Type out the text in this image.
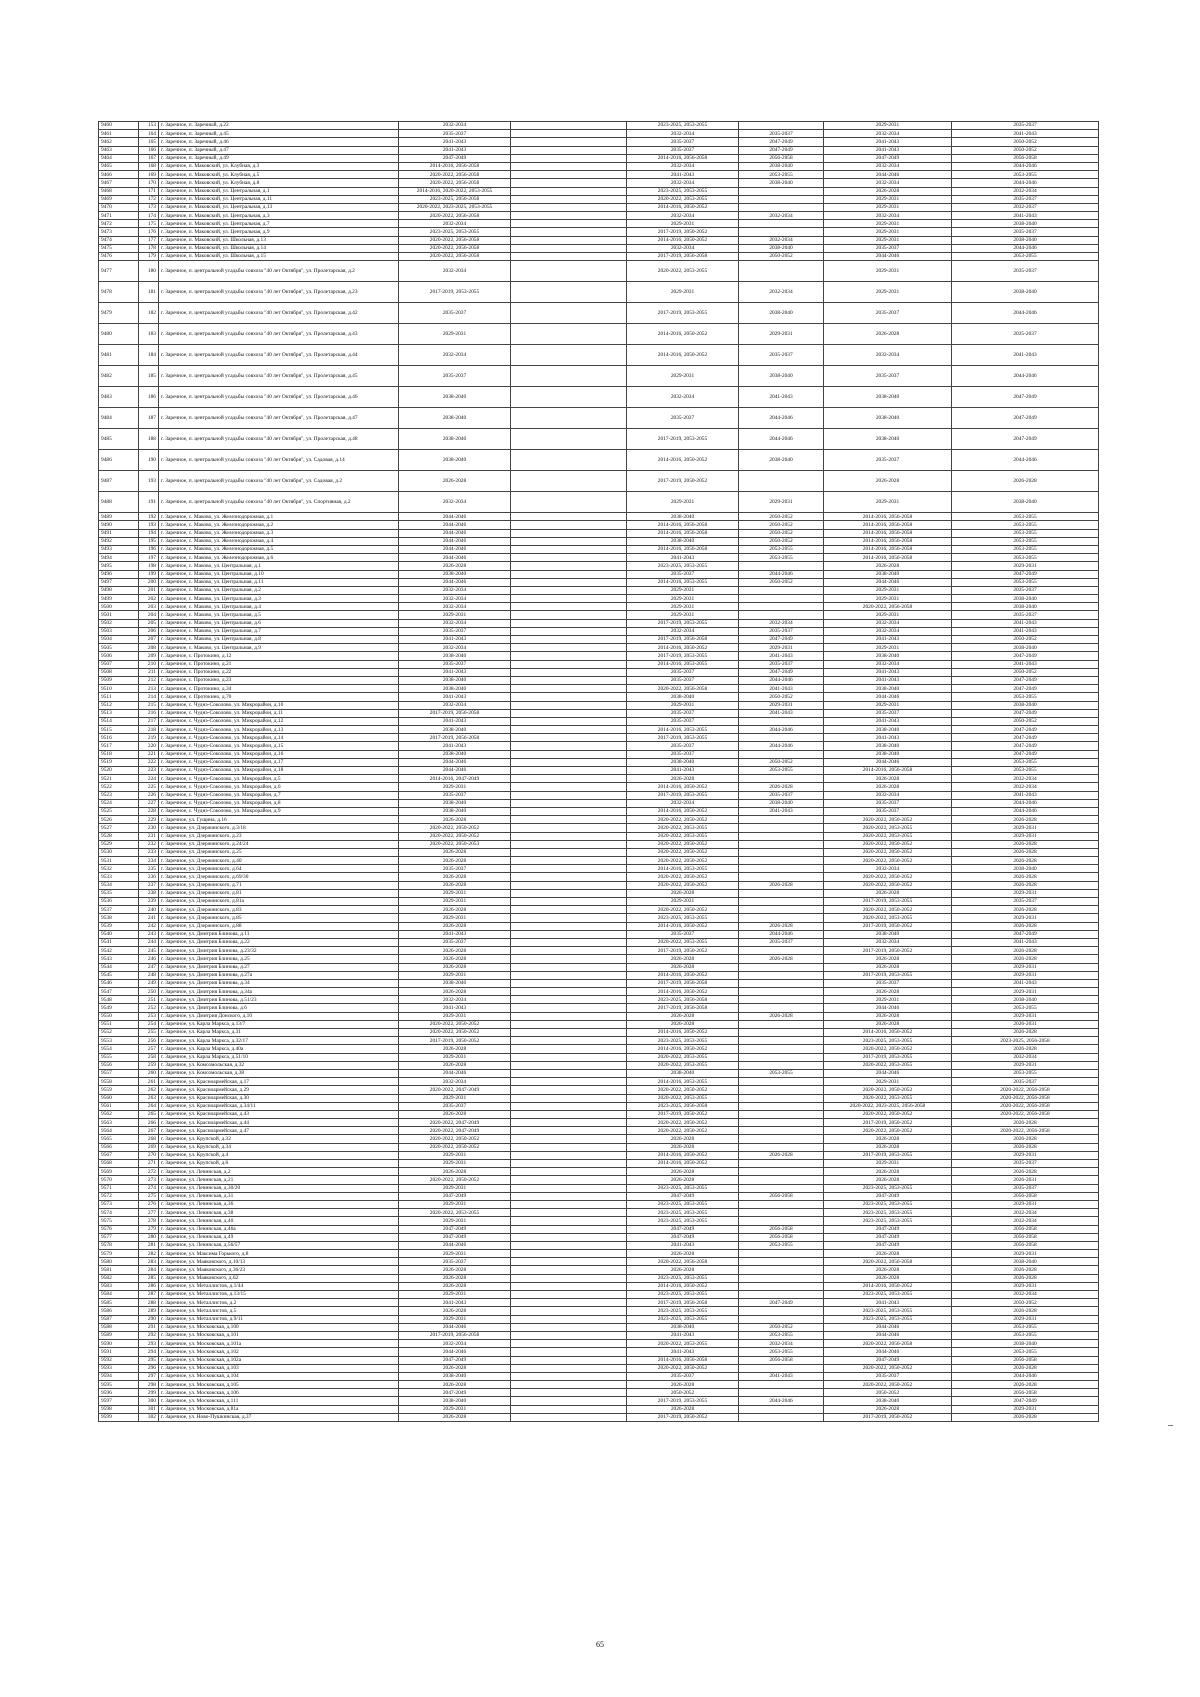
9460	153	г. Заречное, п. Заречный, д.22	2032-2034		2023-2025, 2053-2055		2029-2031	2035-2037
9461	164	г. Заречное, п. Заречный, д.45	2035-2037		2032-2034	2035-2037	2032-2034	2041-2043
9462	165	г. Заречное, п. Заречный, д.46	2041-2043		2035-2037	2047-2049	2041-2043	2050-2052
9463	166	г. Заречное, п. Заречный, д.47	2041-2043		2035-2037	2047-2049	2041-2043	2050-2052
9464	167	г. Заречное, п. Заречный, д.49	2047-2049		2014-2016, 2056-2058	2056-2058	2047-2049	2056-2058
9465	168	г. Заречное, п. Маковский, ул. Клубная, д.3	2014-2016, 2056-2058		2032-2034	2038-2040	2032-2034	2044-2046
9466	169	г. Заречное, п. Маковский, ул. Клубная, д.5	2020-2022, 2056-2058		2041-2043	2053-2055	2044-2046	2053-2055
9467	170	г. Заречное, п. Маковский, ул. Клубная, д.8	2020-2022, 2056-2058		2032-2034	2038-2040	2032-2034	2044-2046
9468	171	г. Заречное, п. Маковский, ул. Центральная, д.1	2014-2016, 2020-2022, 2053-2055		2023-2025, 2053-2055		2026-2028	2032-2034
9469	172	г. Заречное, п. Маковский, ул. Центральная, д.11	2023-2025, 2056-2058		2020-2022, 2053-2055		2029-2031	2035-2037
9470	173	г. Заречное, п. Маковский, ул. Центральная, д.13	2020-2022, 2023-2025, 2053-2055		2014-2016, 2050-2052		2029-2031	2032-2037
9471	174	г. Заречное, п. Маковский, ул. Центральная, д.3	2020-2022, 2056-2058		2032-2034	2032-2034	2032-2034	2041-2043
9472	175	г. Заречное, п. Маковский, ул. Центральная, д.7	2032-2034		2029-2031		2029-2031	2038-2040
9473	176	г. Заречное, п. Маковский, ул. Центральная, д.9	2023-2025, 2053-2055		2017-2019, 2050-2052		2029-2031	2035-2037
9474	177	г. Заречное, п. Маковский, ул. Школьная, д.13	2020-2022, 2056-2058		2014-2016, 2050-2052	2032-2034	2029-2031	2038-2040
9475	178	г. Заречное, п. Маковский, ул. Школьная, д.14	2020-2022, 2056-2058		2032-2034	2038-2040	2035-2037	2044-2046
9476	179	г. Заречное, п. Маковский, ул. Школьная, д.15	2020-2022, 2056-2058		2017-2019, 2056-2058	2050-2052	2044-2046	2053-2055
9477	180	г. Заречное, п. центральной усадьбы совхоза "40 лет Октября", ул. Пролетарская, д.2	2032-2034		2020-2022, 2053-2055		2029-2031	2035-2037
9478	181	г. Заречное, п. центральной усадьбы совхоза "40 лет Октября", ул. Пролетарская, д.23	2017-2019, 2053-2055		2029-2031	2032-2034	2029-2031	2038-2040
9479	182	г. Заречное, п. центральной усадьбы совхоза "40 лет Октября", ул. Пролетарская, д.42	2035-2037		2017-2019, 2053-2055	2038-2040	2035-2037	2044-2046
9480	183	г. Заречное, п. центральной усадьбы совхоза "40 лет Октября", ул. Пролетарская, д.43	2029-2031		2014-2016, 2050-2052	2029-2031	2026-2028	2035-2037
9481	184	г. Заречное, п. центральной усадьбы совхоза "40 лет Октября", ул. Пролетарская, д.44	2032-2034		2014-2016, 2050-2052	2035-2037	2032-2034	2041-2043
9482	185	г. Заречное, п. центральной усадьбы совхоза "40 лет Октября", ул. Пролетарская, д.45	2035-2037		2029-2031	2038-2040	2035-2037	2044-2046
9483	186	г. Заречное, п. центральной усадьбы совхоза "40 лет Октября", ул. Пролетарская, д.46	2038-2040		2032-2034	2041-2043	2038-2040	2047-2049
9484	187	г. Заречное, п. центральной усадьбы совхоза "40 лет Октября", ул. Пролетарская, д.47	2038-2040		2035-2037	2044-2046	2038-2040	2047-2049
9485	188	г. Заречное, п. центральной усадьбы совхоза "40 лет Октября", ул. Пролетарская, д.48	2038-2040		2017-2019, 2053-2055	2044-2046	2038-2040	2047-2049
9486	190	г. Заречное, п. центральной усадьбы совхоза "40 лет Октября", ул. Садовая, д.14	2038-2040		2014-2016, 2050-2052	2038-2040	2035-2037	2044-2046
9487	193	г. Заречное, п. центральной усадьбы совхоза "40 лет Октября", ул. Садовая, д.2	2026-2028		2017-2019, 2050-2052		2026-2028	2026-2028
9488	191	г. Заречное, п. центральной усадьбы совхоза "40 лет Октября", ул. Спортивная, д.2	2032-2034		2029-2031	2029-2031	2029-2031	2038-2040
9489	192	г. Заречное, с. Маково, ул. Железнодорожная, д.1	2044-2046		2038-2040	2050-2052	2014-2016, 2056-2058	2053-2055
9490	193	г. Заречное, с. Маково, ул. Железнодорожная, д.2	2044-2046		2014-2016, 2056-2058	2050-2052	2014-2016, 2056-2058	2053-2055
9491	194	г. Заречное, с. Маково, ул. Железнодорожная, д.3	2044-2046		2014-2016, 2056-2058	2050-2052	2014-2016, 2056-2058	2053-2055
9492	195	г. Заречное, с. Маково, ул. Железнодорожная, д.4	2044-2046		2038-2040	2050-2052	2014-2016, 2056-2058	2053-2055
9493	196	г. Заречное, с. Маково, ул. Железнодорожная, д.5	2044-2046		2014-2016, 2056-2058	2053-2055	2014-2016, 2056-2058	2053-2055
9494	197	г. Заречное, с. Маково, ул. Железнодорожная, д.6	2044-2046		2041-2043	2053-2055	2014-2016, 2056-2058	2053-2055
9495	198	г. Заречное, с. Маково, ул. Центральная, д.1	2026-2028		2023-2025, 2053-2055		2026-2028	2029-2031
9496	199	г. Заречное, с. Маково, ул. Центральная, д.10	2038-2040		2035-2037	2044-2046	2038-2040	2047-2049
9497	200	г. Заречное, с. Маково, ул. Центральная, д.11	2044-2046		2014-2016, 2053-2055	2050-2052	2044-2046	2053-2055
9498	201	г. Заречное, с. Маково, ул. Центральная, д.2	2032-2034		2029-2031		2029-2031	2035-2037
9499	202	г. Заречное, с. Маково, ул. Центральная, д.3	2032-2034		2029-2031		2029-2031	2038-2040
9500	203	г. Заречное, с. Маково, ул. Центральная, д.4	2032-2034		2029-2031		2020-2022, 2056-2058	2038-2040
9501	204	г. Заречное, с. Маково, ул. Центральная, д.5	2029-2031		2029-2031		2029-2031	2035-2037
9502	205	г. Заречное, с. Маково, ул. Центральная, д.6	2032-2034		2017-2019, 2053-2055	2032-2034	2032-2034	2041-2043
9503	206	г. Заречное, с. Маково, ул. Центральная, д.7	2035-2037		2032-2034	2035-2037	2032-2034	2041-2043
9504	207	г. Заречное, с. Маково, ул. Центральная, д.8	2041-2043		2017-2019, 2056-2058	2047-2049	2041-2043	2050-2052
9505	208	г. Заречное, с. Маково, ул. Центральная, д.9	2032-2034		2014-2016, 2050-2052	2029-2031	2029-2031	2038-2040
9506	209	г. Заречное, с. Протокино, д.12	2038-2040		2017-2019, 2053-2055	2041-2043	2038-2040	2047-2049
9507	210	г. Заречное, с. Протокино, д.21	2035-2037		2014-2016, 2053-2055	2035-2037	2032-2034	2041-2043
9508	211	г. Заречное, с. Протокино, д.22	2041-2043		2035-2037	2047-2049	2041-2043	2050-2052
9509	212	г. Заречное, с. Протокино, д.23	2038-2040		2035-2037	2044-2046	2041-2043	2047-2049
9510	213	г. Заречное, с. Протокино, д.34	2038-2040		2020-2022, 2056-2058	2041-2043	2038-2040	2047-2049
9511	214	г. Заречное, с. Протокино, д.70	2041-2043		2038-2040	2050-2052	2044-2046	2053-2055
9512	215	г. Заречное, с. Чуднэ-Соколово, ул. Микрорайон, д.10	2032-2034		2029-2031	2029-2031	2029-2031	2038-2040
9513	216	г. Заречное, с. Чуднэ-Соколово, ул. Микрорайон, д.11	2017-2019, 2056-2058		2035-2037	2041-2043	2035-2037	2047-2049
9514	217	г. Заречное, с. Чуднэ-Соколово, ул. Микрорайон, д.12	2041-2043		2035-2037		2041-2043	2050-2052
9515	218	г. Заречное, с. Чуднэ-Соколово, ул. Микрорайон, д.13	2038-2040		2014-2016, 2053-2055	2044-2046	2038-2040	2047-2049
9516	219	г. Заречное, с. Чуднэ-Соколово, ул. Микрорайон, д.14	2017-2019, 2056-2058		2017-2019, 2053-2055		2041-2043	2047-2049
9517	220	г. Заречное, с. Чуднэ-Соколово, ул. Микрорайон, д.15	2041-2043		2035-2037	2044-2046	2038-2040	2047-2049
9518	221	г. Заречное, с. Чуднэ-Соколово, ул. Микрорайон, д.16	2038-2040		2035-2037		2038-2040	2047-2049
9519	222	г. Заречное, с. Чуднэ-Соколово, ул. Микрорайон, д.17	2044-2046		2038-2040	2050-2052	2044-2046	2053-2055
9520	223	г. Заречное, с. Чуднэ-Соколово, ул. Микрорайон, д.18	2044-2046		2041-2043	2053-2055	2014-2016, 2056-2058	2053-2055
9521	224	г. Заречное, с. Чуднэ-Соколово, ул. Микрорайон, д.5	2014-2016, 2047-2049		2026-2028		2026-2028	2032-2034
9522	225	г. Заречное, с. Чуднэ-Соколово, ул. Микрорайон, д.6	2029-2031		2014-2016, 2050-2052	2026-2028	2026-2028	2032-2034
9523	226	г. Заречное, с. Чуднэ-Соколово, ул. Микрорайон, д.7	2035-2037		2017-2019, 2053-2055	2035-2037	2032-2034	2041-2043
9524	227	г. Заречное, с. Чуднэ-Соколово, ул. Микрорайон, д.8	2038-2040		2032-2034	2038-2040	2035-2037	2044-2046
9525	228	г. Заречное, с. Чуднэ-Соколово, ул. Микрорайон, д.9	2038-2040		2014-2016, 2050-2052	2041-2043	2035-2037	2044-2046
9526	229	г. Заречное, ул. Гущина, д.16	2026-2028		2020-2022, 2050-2052		2020-2022, 2050-2052	2026-2028
9527	230	г. Заречное, ул. Дзержинского, д.3/18	2020-2022, 2050-2052		2020-2022, 2053-2055		2020-2022, 2053-2055	2029-2031
9528	231	г. Заречное, ул. Дзержинского, д.23	2020-2022, 2050-2052		2020-2022, 2053-2055		2020-2022, 2053-2055	2029-2031
9529	232	г. Заречное, ул. Дзержинского, д.24/24	2020-2022, 2050-2053		2020-2022, 2050-2052		2020-2022, 2050-2052	2026-2028
9530	233	г. Заречное, ул. Дзержинского, д.25	2026-2028		2020-2022, 2050-2052		2020-2022, 2050-2052	2026-2028
9531	234	г. Заречное, ул. Дзержинского, д.40	2026-2028		2020-2022, 2050-2052		2020-2022, 2050-2052	2026-2028
9532	235	г. Заречное, ул. Дзержинского, д.64	2035-2037		2014-2016, 2053-2055		2032-2034	2038-2040
9533	236	г. Заречное, ул. Дзержинского, д.69/30	2026-2028		2020-2022, 2050-2052		2020-2022, 2050-2052	2026-2028
9534	237	г. Заречное, ул. Дзержинского, д.71	2026-2028		2020-2022, 2050-2052	2026-2028	2020-2022, 2050-2052	2026-2028
9535	238	г. Заречное, ул. Дзержинского, д.81	2029-2031		2026-2028		2026-2028	2029-2031
9536	239	г. Заречное, ул. Дзержинского, д.81а	2029-2031		2029-2031		2017-2019, 2053-2055	2035-2037
9537	240	г. Заречное, ул. Дзержинского, д.83	2026-2028		2020-2022, 2050-2052		2020-2022, 2050-2052	2026-2028
9538	241	г. Заречное, ул. Дзержинского, д.85	2029-2031		2023-2025, 2053-2055		2020-2022, 2053-2055	2029-2031
9539	242	г. Заречное, ул. Дзержинского, д.88	2026-2028		2014-2016, 2050-2052	2026-2028	2017-2019, 2050-2052	2026-2028
9540	243	г. Заречное, ул. Дмитрия Блинова, д.11	2041-2043		2035-2037	2044-2046	2038-2040	2047-2049
9541	244	г. Заречное, ул. Дмитрия Блинова, д.22	2035-2037		2020-2022, 2053-2055	2035-2037	2032-2034	2041-2043
9542	245	г. Заречное, ул. Дмитрия Блинова, д.23/32	2026-2028		2017-2019, 2050-2052		2017-2019, 2050-2052	2026-2028
9543	246	г. Заречное, ул. Дмитрия Блинова, д.25	2026-2028		2026-2028	2026-2028	2026-2028	2026-2028
9544	247	г. Заречное, ул. Дмитрия Блинова, д.27	2026-2028		2026-2028		2026-2028	2029-2031
9545	248	г. Заречное, ул. Дмитрия Блинова, д.27а	2029-2031		2014-2016, 2050-2052		2017-2019, 2053-2055	2029-2031
9546	249	г. Заречное, ул. Дмитрия Блинова, д.34	2038-2040		2017-2019, 2056-2058		2035-2037	2041-2043
9547	250	г. Заречное, ул. Дмитрия Блинова, д.34а	2026-2028		2014-2016, 2050-2052		2026-2028	2029-2031
9548	251	г. Заречное, ул. Дмитрия Блинова, д.51/23	2032-2034		2023-2025, 2056-2058		2029-2031	2038-2040
9549	252	г. Заречное, ул. Дмитрия Блинова, д.6	2041-2043		2017-2019, 2056-2058		2044-2046	2053-2055
9550	253	г. Заречное, ул. Дмитрия Донского, д.10	2029-2031		2026-2028	2026-2028	2026-2028	2029-2031
9551	254	г. Заречное, ул. Карла Маркса, д.13/7	2020-2022, 2050-2052		2026-2028		2026-2028	2026-2031
9552	255	г. Заречное, ул. Карла Маркса, д.31	2020-2022, 2050-2052		2014-2016, 2050-2052		2014-2016, 2050-2052	2026-2028
9553	256	г. Заречное, ул. Карла Маркса, д.32/17	2017-2019, 2050-2052		2023-2025, 2053-2055		2023-2025, 2053-2055	2023-2025, 2056-2058
9554	257	г. Заречное, ул. Карла Маркса, д.40а	2026-2028		2014-2016, 2050-2052		2020-2022, 2050-2052	2026-2028
9555	258	г. Заречное, ул. Карла Маркса, д.51/10	2029-2031		2020-2022, 2053-2055		2017-2019, 2053-2055	2032-2034
9556	259	г. Заречное, ул. Комсомольская, д.32	2026-2028		2020-2022, 2053-2055		2020-2022, 2053-2055	2029-2031
9557	260	г. Заречное, ул. Комсомольская, д.38	2044-2046		2038-2040	2053-2055	2044-2046	2053-2055
9558	261	г. Заречное, ул. Красноармейская, д.17	2032-2034		2014-2016, 2053-2055		2029-2031	2035-2037
9559	262	г. Заречное, ул. Красноармейская, д.29	2020-2022, 2047-2049		2020-2022, 2050-2052		2020-2022, 2050-2052	2020-2022, 2056-2058
9560	263	г. Заречное, ул. Красноармейская, д.30	2029-2031		2020-2022, 2053-2055		2020-2022, 2053-2055	2020-2022, 2056-2058
9561	264	г. Заречное, ул. Красноармейская, д.34/11	2035-2037		2023-2025, 2056-2058		2020-2022, 2023-2025, 2056-2058	2020-2022, 2056-2058
9562	265	г. Заречное, ул. Красноармейская, д.43	2026-2028		2017-2019, 2050-2052		2020-2022, 2050-2052	2020-2022, 2056-2058
9563	266	г. Заречное, ул. Красноармейская, д.44	2020-2022, 2047-2049		2020-2022, 2050-2052		2017-2019, 2050-2052	2026-2028
9564	267	г. Заречное, ул. Красноармейская, д.47	2020-2022, 2047-2049		2020-2022, 2050-2052		2020-2022, 2050-2052	2020-2022, 2056-2058
9565	268	г. Заречное, ул. Крупской, д.32	2020-2022, 2050-2052		2026-2028		2026-2028	2026-2028
9566	269	г. Заречное, ул. Крупской, д.34	2020-2022, 2050-2052		2026-2028		2026-2028	2026-2028
9567	270	г. Заречное, ул. Крупской, д.4	2029-2031		2014-2016, 2050-2052	2026-2028	2017-2019, 2053-2055	2029-2031
9568	271	г. Заречное, ул. Крупской, д.6	2029-2031		2014-2016, 2050-2052		2029-2031	2035-2037
9569	272	г. Заречное, ул. Ленинская, д.2	2026-2028		2026-2028		2026-2028	2026-2028
9570	273	г. Заречное, ул. Ленинская, д.21	2020-2022, 2050-2052		2026-2028		2026-2028	2026-2031
9571	274	г. Заречное, ул. Ленинская, д.30/20	2029-2031		2023-2025, 2053-2055		2023-2025, 2053-2055	2035-2037
9572	275	г. Заречное, ул. Ленинская, д.31	2047-2049		2047-2049	2056-2058	2047-2049	2056-2058
9573	276	г. Заречное, ул. Ленинская, д.36	2029-2031		2023-2025, 2053-2055		2023-2025, 2053-2055	2029-2031
9574	277	г. Заречное, ул. Ленинская, д.38	2020-2022, 2053-2055		2023-2025, 2053-2055		2023-2025, 2053-2055	2032-2034
9575	278	г. Заречное, ул. Ленинская, д.40	2029-2031		2023-2025, 2053-2055		2023-2025, 2053-2055	2032-2034
9576	279	г. Заречное, ул. Ленинская, д.46а	2047-2049		2047-2049	2056-2058	2047-2049	2056-2058
9577	280	г. Заречное, ул. Ленинская, д.49	2047-2049		2047-2049	2056-2058	2047-2049	2056-2058
9578	281	г. Заречное, ул. Ленинская, д.56/57	2044-2046		2041-2043	2053-2055	2047-2049	2056-2058
9579	282	г. Заречное, ул. Максима Горького, д.8	2029-2031		2026-2028		2026-2028	2029-2031
9580	283	г. Заречное, ул. Маяковского, д.10/13	2035-2037		2020-2022, 2056-2058		2020-2022, 2056-2058	2038-2040
9581	284	г. Заречное, ул. Маяковского, д.36/23	2026-2028		2026-2028		2026-2028	2026-2028
9582	285	г. Заречное, ул. Маяковского, д.62	2026-2028		2023-2025, 2053-2055		2026-2028	2026-2028
9583	286	г. Заречное, ул. Металлистов, д.1/44	2026-2028		2014-2016, 2050-2052		2014-2016, 2050-2052	2029-2031
9584	287	г. Заречное, ул. Металлистов, д.13/15	2029-2031		2023-2025, 2053-2055		2023-2025, 2053-2055	2032-2034
9585	288	г. Заречное, ул. Металлистов, д.2	2041-2043		2017-2019, 2056-2058	2047-2049	2041-2043	2050-2052
9586	289	г. Заречное, ул. Металлистов, д.5	2026-2028		2023-2025, 2053-2055		2023-2025, 2053-2055	2026-2028
9587	290	г. Заречное, ул. Металлистов, д.9/11	2029-2031		2023-2025, 2053-2055		2023-2025, 2053-2055	2029-2031
9588	291	г. Заречное, ул. Московская, д.100	2044-2046		2038-2040	2050-2052	2044-2046	2053-2055
9589	292	г. Заречное, ул. Московская, д.101	2017-2019, 2056-2058		2041-2043	2053-2055	2044-2046	2053-2055
9590	293	г. Заречное, ул. Московская, д.101а	2032-2034		2020-2022, 2053-2055	2032-2034	2020-2022, 2056-2058	2038-2040
9591	294	г. Заречное, ул. Московская, д.102	2044-2046		2041-2043	2053-2055	2044-2046	2053-2055
9592	295	г. Заречное, ул. Московская, д.102а	2047-2049		2014-2016, 2056-2058	2056-2058	2047-2049	2056-2058
9593	296	г. Заречное, ул. Московская, д.103	2026-2028		2020-2022, 2050-2052		2020-2022, 2050-2052	2026-2028
9594	297	г. Заречное, ул. Московская, д.104	2038-2040		2035-2037	2041-2043	2035-2037	2044-2046
9595	298	г. Заречное, ул. Московская, д.105	2026-2028		2026-2028		2020-2022, 2050-2052	2026-2028
9596	299	г. Заречное, ул. Московская, д.106	2047-2049		2050-2052		2050-2052	2056-2058
9597	300	г. Заречное, ул. Московская, д.111	2038-2040		2017-2019, 2053-2055	2044-2046	2038-2040	2047-2049
9598	301	г. Заречное, ул. Московская, д.81а	2029-2031		2026-2028		2026-2028	2029-2031
9599	302	г. Заречное, ул. Ново-Пушкинская, д.37	2026-2028		2017-2019, 2050-2052		2017-2019, 2050-2052	2026-2028
65
